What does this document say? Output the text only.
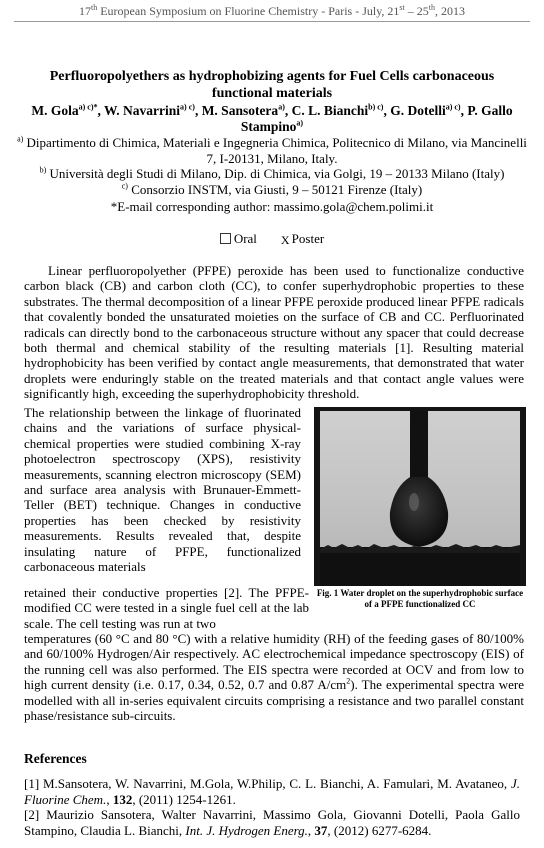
17th European Symposium on Fluorine Chemistry - Paris - July, 21st – 25th, 2013
Perfluoropolyethers as hydrophobizing agents for Fuel Cells carbonaceous functional materials
M. Gola$^{a) c)*}$, W. Navarrini$^{a) c)}$, M. Sansotera$^{a)}$, C. L. Bianchi$^{b) c)}$, G. Dotelli$^{a) c)}$, P. Gallo Stampino$^{a)}$
$^{a)}$ Dipartimento di Chimica, Materiali e Ingegneria Chimica, Politecnico di Milano, via Mancinelli 7, I-20131, Milano, Italy.
$^{b)}$ Università degli Studi di Milano, Dip. di Chimica, via Golgi, 19 – 20133 Milano (Italy)
$^{c)}$ Consorzio INSTM, via Giusti, 9 – 50121 Firenze (Italy)
*E-mail corresponding author: massimo.gola@chem.polimi.it
Oral X Poster
Linear perfluoropolyether (PFPE) peroxide has been used to functionalize conductive carbon black (CB) and carbon cloth (CC), to confer superhydrophobic properties to these substrates. The thermal decomposition of a linear PFPE peroxide produced linear PFPE radicals that covalently bonded the unsaturated moieties on the surface of CB and CC. Perfluorinated radicals can directly bond to the carbonaceous structure without any spacer that could decrease both thermal and chemical stability of the resulting materials [1]. Resulting material hydrophobicity has been verified by contact angle measurements, that demonstrated that water droplets were enduringly stable on the treated materials and that contact angle values were significantly high, exceeding the superhydrophobicity threshold.
The relationship between the linkage of fluorinated chains and the variations of surface physical-chemical properties were studied combining X-ray photoelectron spectroscopy (XPS), resistivity measurements, scanning electron microscopy (SEM) and surface area analysis with Brunauer-Emmett-Teller (BET) technique. Changes in conductive properties has been checked by resistivity measurements. Results revealed that, despite insulating nature of PFPE, functionalized carbonaceous materials
retained their conductive properties [2]. The PFPE-modified CC were tested in a single fuel cell at the lab scale. The cell testing was run at two
temperatures (60 °C and 80 °C) with a relative humidity (RH) of the feeding gases of 80/100% and 60/100% Hydrogen/Air respectively. AC electrochemical impedance spectroscopy (EIS) of the running cell was also performed. The EIS spectra were recorded at OCV and from low to high current density (i.e. 0.17, 0.34, 0.52, 0.7 and 0.87 $A/cm^2$). The experimental spectra were modelled with all in-series equivalent circuits comprising a resistance and two parallel constant phase/resistance sub-circuits.
Fig. 1 Water droplet on the superhydrophobic surface of a PFPE functionalized CC
References
[1] M.Sansotera, W. Navarrini, M.Gola, W.Philip, C. L. Bianchi, A. Famulari, M. Avataneo, J. Fluorine Chem., 132, (2011) 1254-1261.
[2] Maurizio Sansotera, Walter Navarrini, Massimo Gola, Giovanni Dotelli, Paola Gallo Stampino, Claudia L. Bianchi, Int. J. Hydrogen Energ., 37, (2012) 6277-6284.
